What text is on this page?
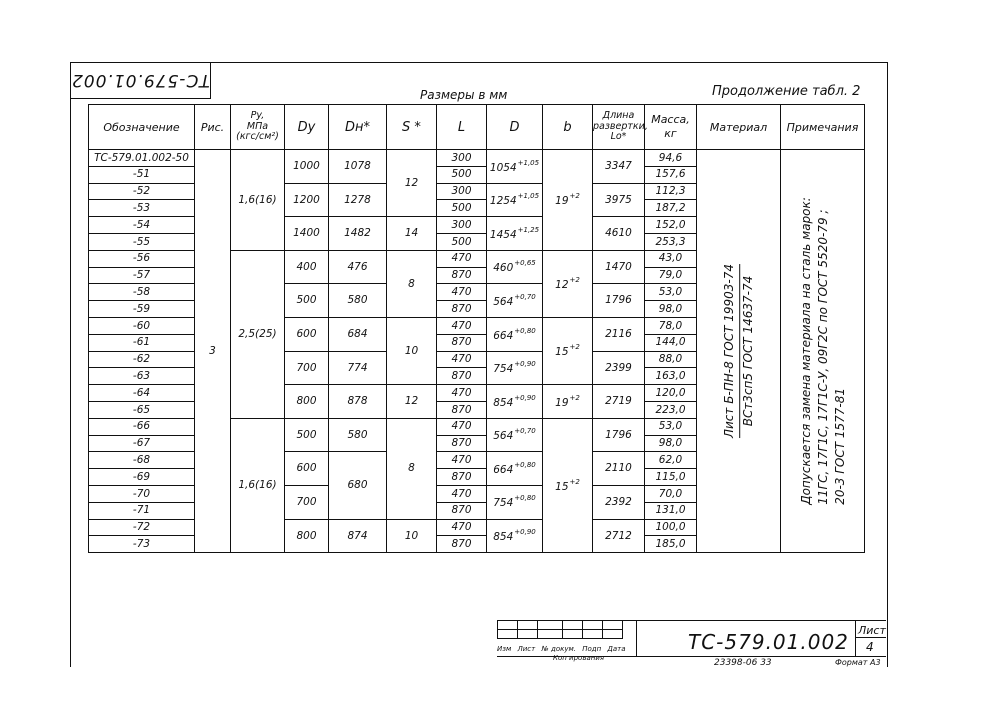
ТС-579.01.002
Размеры в мм	Продолжение табл. 2
Обозначение	Рис.	Py,
MПа
(кгс/см²)	Dy	Dн*	S *	L	D	b	Длина
развертки,
Lo*	Масса,
кг	Материал	Примечания
ТС-579.01.002-50	3	1,6(16)	1000	1078	12	300	$1054^{+1,05}$	$19^{+2}$	3347	94,6	Лист Б-ПН-8 ГОСТ 19903-74 ВСт3сп5 ГОСТ 14637-74	Допускается замена материала на сталь марок: 11ГС, 17Г1С, 17Г1С-У, 09Г2С по ГОСТ 5520-79 ; 20-3 ГОСТ 1577-81

-51						500				157,6		
-52			1200	1278		300	$1254^{+1,05}$		3975	112,3		
-53						500				187,2		
-54			1400	1482	14	300	$1454^{+1,25}$		4610	152,0		
-55						500				253,3		
-56		2,5(25)	400	476	8	470	$460^{+0,65}$	$12^{+2}$	1470	43,0		
-57						870				79,0		
-58			500	580		470	$564^{+0,70}$		1796	53,0		
-59						870				98,0		
-60			600	684	10	470	$664^{+0,80}$	$15^{+2}$	2116	78,0		
-61						870				144,0		
-62			700	774		470	$754^{+0,90}$		2399	88,0		
-63						870				163,0		
-64			800	878	12	470	$854^{+0,90}$	$19^{+2}$	2719	120,0		
-65						870				223,0		
-66		1,6(16)	500	580	8	470	$564^{+0,70}$	$15^{+2}$	1796	53,0		
-67						870				98,0		
-68			600	680		470	$664^{+0,80}$		2110	62,0		
-69						870				115,0		
-70			700			470	$754^{+0,80}$		2392	70,0		
-71						870				131,0		
-72			800	874	10	470	$854^{+0,90}$		2712	100,0		
-73						870				185,0		

Изм Лист № докум. Подп Дата
Коп ирования
ТС-579.01.002 Лист
4
23398-06 33	Формат А3
